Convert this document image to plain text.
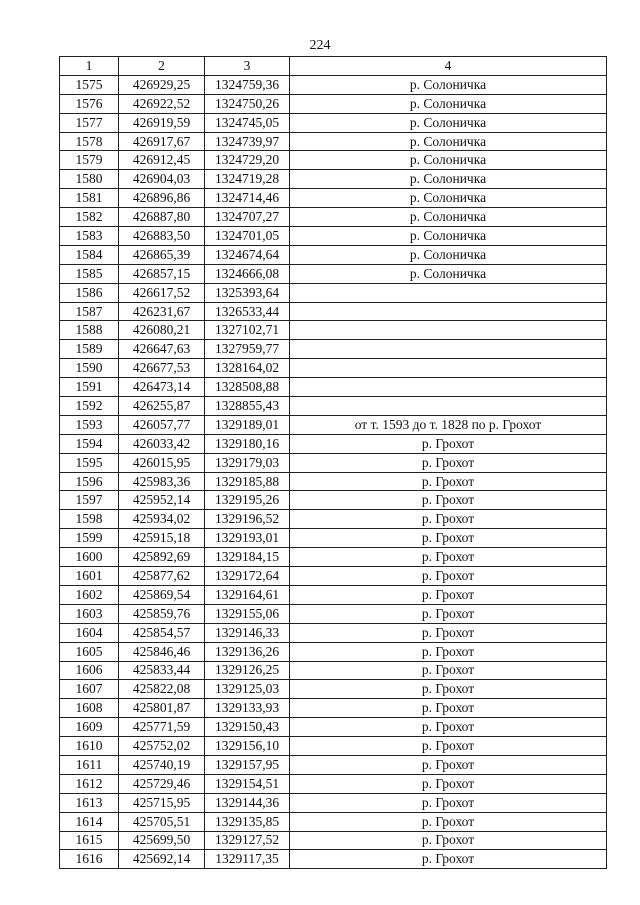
224
1	2	3	4
1575	426929,25	1324759,36	р. Солоничка
1576	426922,52	1324750,26	р. Солоничка
1577	426919,59	1324745,05	р. Солоничка
1578	426917,67	1324739,97	р. Солоничка
1579	426912,45	1324729,20	р. Солоничка
1580	426904,03	1324719,28	р. Солоничка
1581	426896,86	1324714,46	р. Солоничка
1582	426887,80	1324707,27	р. Солоничка
1583	426883,50	1324701,05	р. Солоничка
1584	426865,39	1324674,64	р. Солоничка
1585	426857,15	1324666,08	р. Солоничка
1586	426617,52	1325393,64	
1587	426231,67	1326533,44	
1588	426080,21	1327102,71	
1589	426647,63	1327959,77	
1590	426677,53	1328164,02	
1591	426473,14	1328508,88	
1592	426255,87	1328855,43	
1593	426057,77	1329189,01	от т. 1593 до т. 1828 по р. Грохот
1594	426033,42	1329180,16	р. Грохот
1595	426015,95	1329179,03	р. Грохот
1596	425983,36	1329185,88	р. Грохот
1597	425952,14	1329195,26	р. Грохот
1598	425934,02	1329196,52	р. Грохот
1599	425915,18	1329193,01	р. Грохот
1600	425892,69	1329184,15	р. Грохот
1601	425877,62	1329172,64	р. Грохот
1602	425869,54	1329164,61	р. Грохот
1603	425859,76	1329155,06	р. Грохот
1604	425854,57	1329146,33	р. Грохот
1605	425846,46	1329136,26	р. Грохот
1606	425833,44	1329126,25	р. Грохот
1607	425822,08	1329125,03	р. Грохот
1608	425801,87	1329133,93	р. Грохот
1609	425771,59	1329150,43	р. Грохот
1610	425752,02	1329156,10	р. Грохот
1611	425740,19	1329157,95	р. Грохот
1612	425729,46	1329154,51	р. Грохот
1613	425715,95	1329144,36	р. Грохот
1614	425705,51	1329135,85	р. Грохот
1615	425699,50	1329127,52	р. Грохот
1616	425692,14	1329117,35	р. Грохот
